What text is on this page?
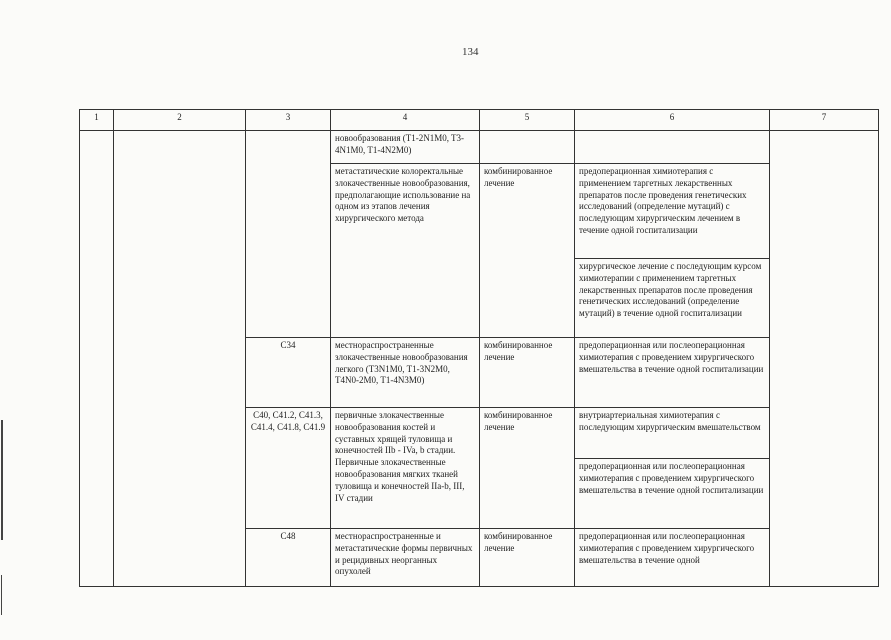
134
1	2	3	4	5	6	7
			новообразования (T1-2N1M0, T3-4N1M0, T1-4N2M0)			
			метастатические колоректальные злокачественные новообразования, предполагающие использование на одном из этапов лечения хирургического метода	комбинированное лечение	предоперационная химиотерапия с применением таргетных лекарственных препаратов после проведения генетических исследований (определение мутаций) с последующим хирургическим лечением в течение одной госпитализации	
					хирургическое лечение с последующим курсом химиотерапии с применением таргетных лекарственных препаратов после проведения генетических исследований (определение мутаций) в течение одной госпитализации	
		C34	местнораспространенные злокачественные новообразования легкого (T3N1M0, T1-3N2M0, T4N0-2M0, T1-4N3M0)	комбинированное лечение	предоперационная или послеоперационная химиотерапия с проведением хирургического вмешательства в течение одной госпитализации	
		C40, C41.2, C41.3, C41.4, C41.8, C41.9	первичные злокачественные новообразования костей и суставных хрящей туловища и конечностей IIb - IVa, b стадии. Первичные злокачественные новообразования мягких тканей туловища и конечностей IIa-b, III, IV стадии	комбинированное лечение	внутриартериальная химиотерапия с последующим хирургическим вмешательством	
					предоперационная или послеоперационная химиотерапия с проведением хирургического вмешательства в течение одной госпитализации	
		C48	местнораспространенные и метастатические формы первичных и рецидивных неорганных опухолей	комбинированное лечение	предоперационная или послеоперационная химиотерапия с проведением хирургического вмешательства в течение одной	
